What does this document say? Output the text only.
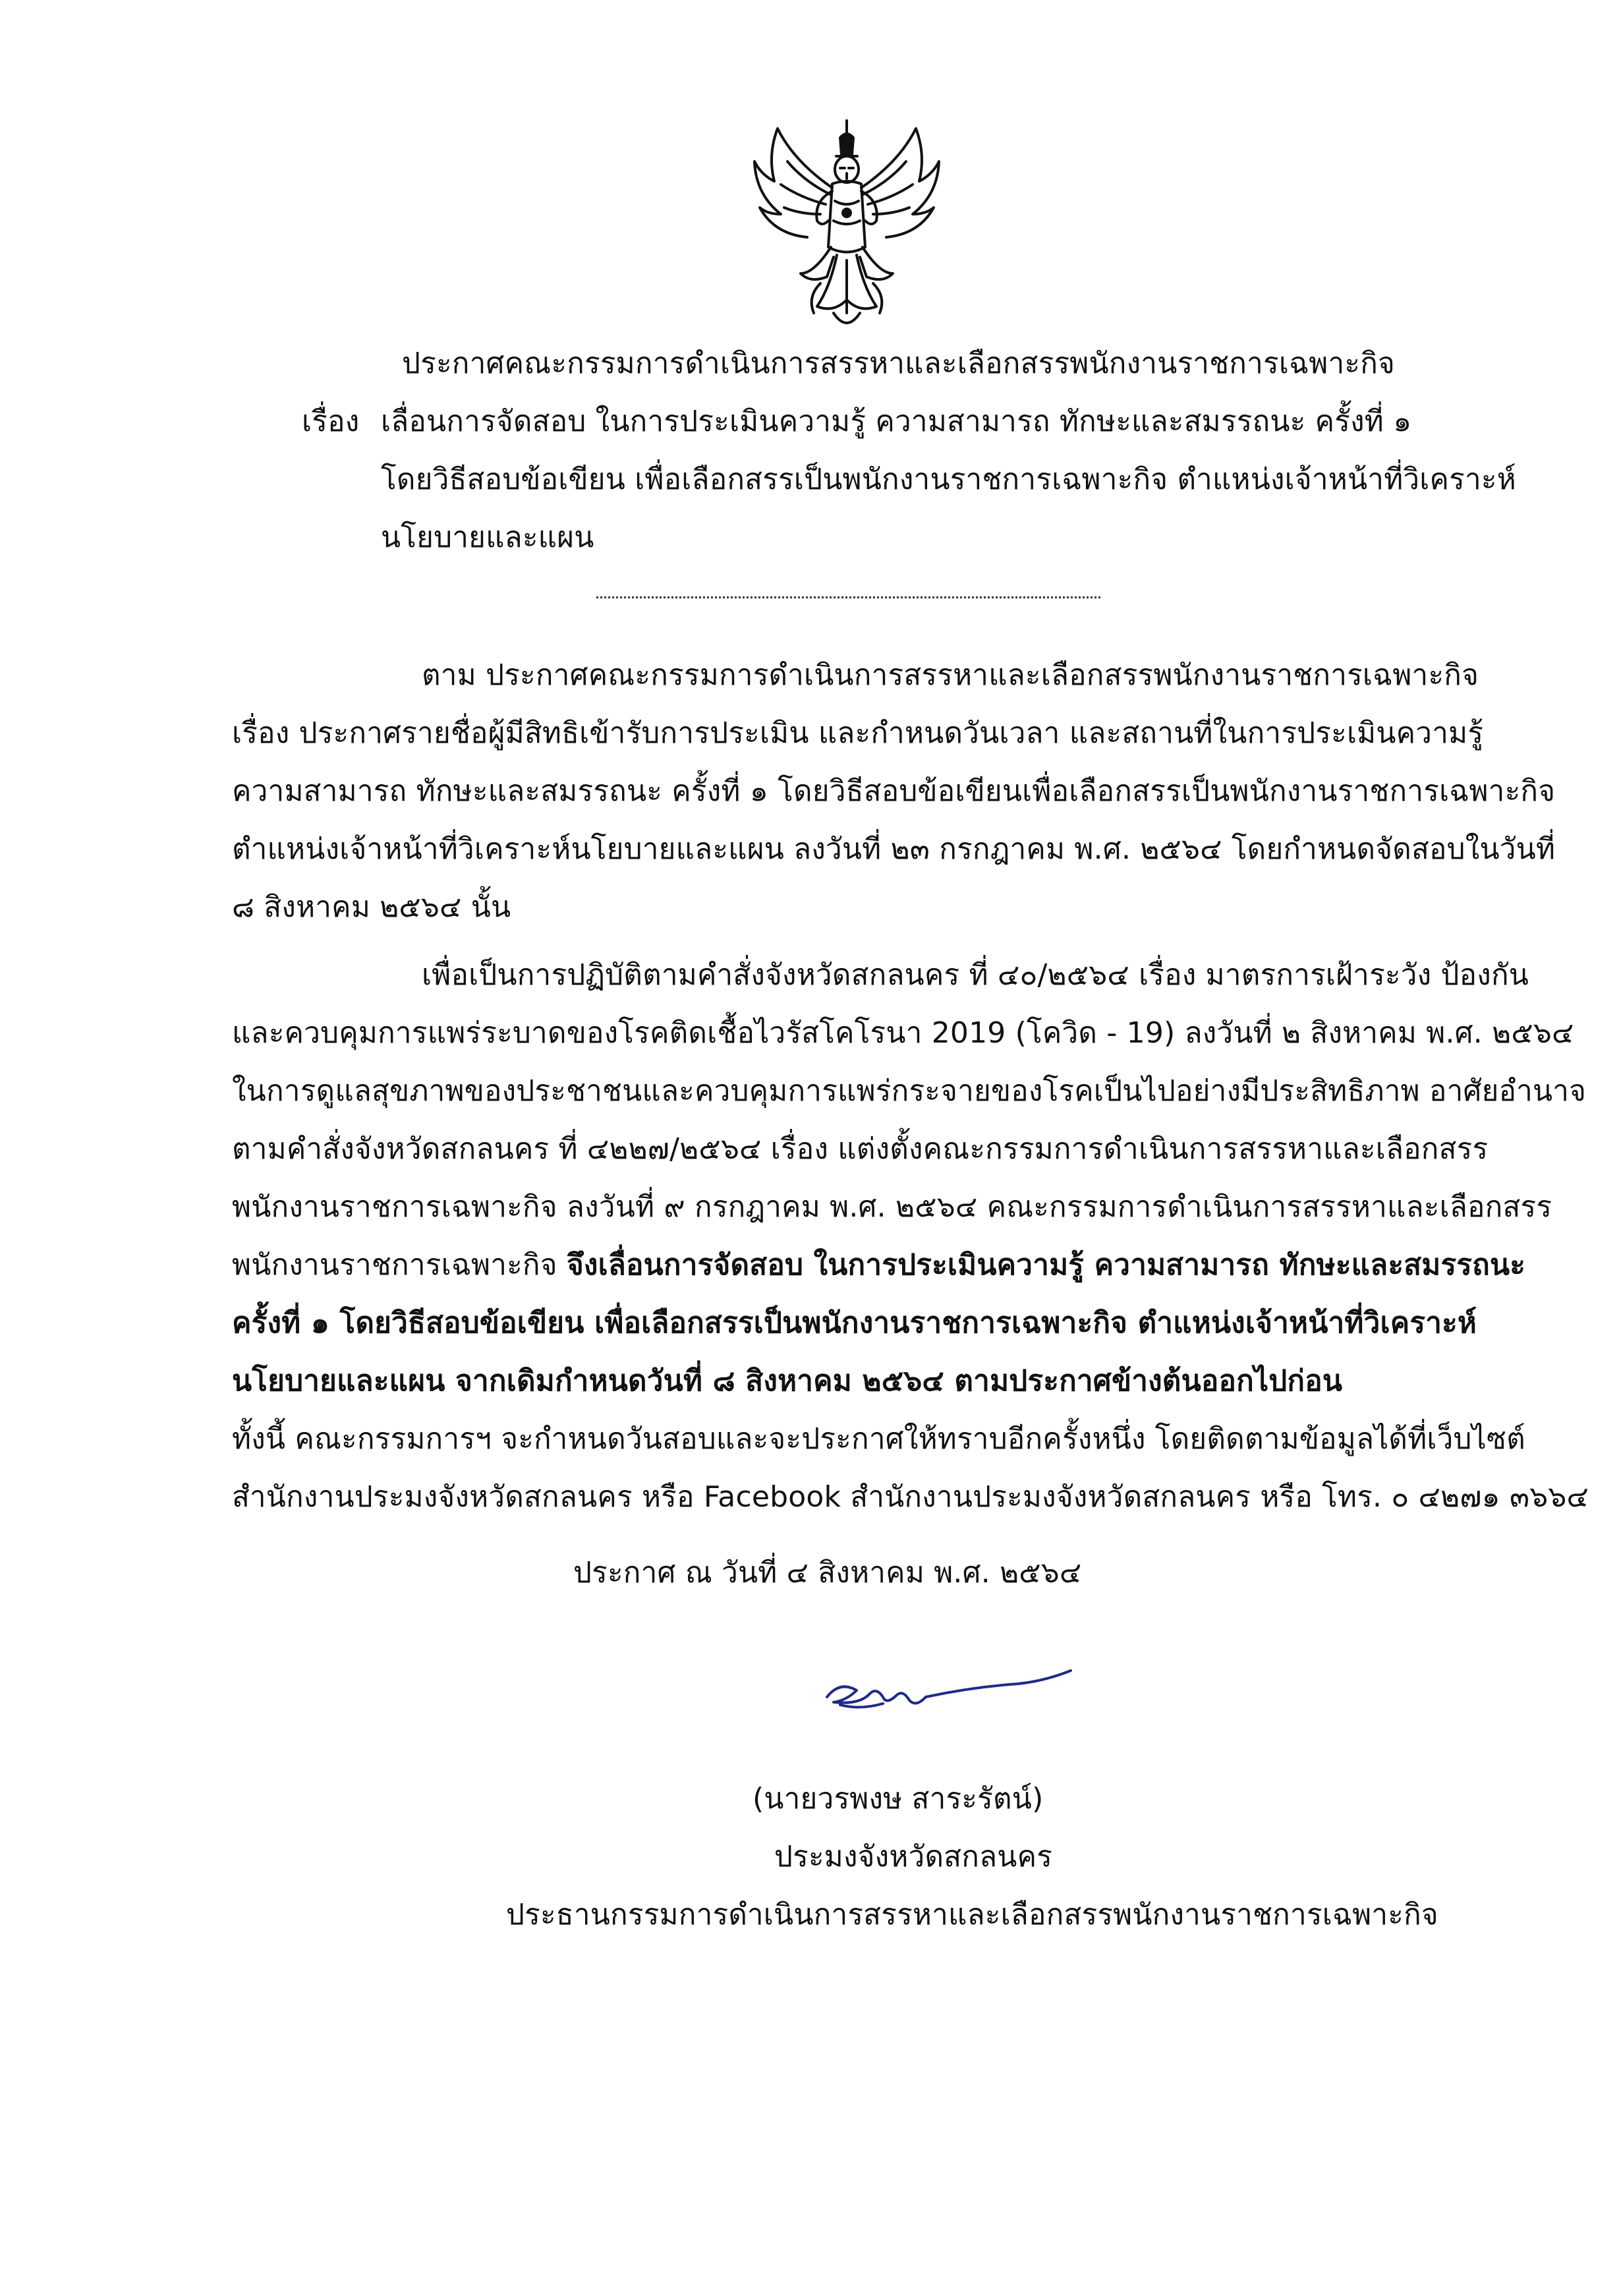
ประกาศคณะกรรมการดำเนินการสรรหาและเลือกสรรพนักงานราชการเฉพาะกิจ
เรื่อง เลื่อนการจัดสอบ ในการประเมินความรู้ ความสามารถ ทักษะและสมรรถนะ ครั้งที่ ๑
โดยวิธีสอบข้อเขียน เพื่อเลือกสรรเป็นพนักงานราชการเฉพาะกิจ ตำแหน่งเจ้าหน้าที่วิเคราะห์
นโยบายและแผน
ตาม ประกาศคณะกรรมการดำเนินการสรรหาและเลือกสรรพนักงานราชการเฉพาะกิจ
เรื่อง ประกาศรายชื่อผู้มีสิทธิเข้ารับการประเมิน และกำหนดวันเวลา และสถานที่ในการประเมินความรู้
ความสามารถ ทักษะและสมรรถนะ ครั้งที่ ๑ โดยวิธีสอบข้อเขียนเพื่อเลือกสรรเป็นพนักงานราชการเฉพาะกิจ
ตำแหน่งเจ้าหน้าที่วิเคราะห์นโยบายและแผน ลงวันที่ ๒๓ กรกฎาคม พ.ศ. ๒๕๖๔ โดยกำหนดจัดสอบในวันที่
๘ สิงหาคม ๒๕๖๔ นั้น
เพื่อเป็นการปฏิบัติตามคำสั่งจังหวัดสกลนคร ที่ ๔๐/๒๕๖๔ เรื่อง มาตรการเฝ้าระวัง ป้องกัน
และควบคุมการแพร่ระบาดของโรคติดเชื้อไวรัสโคโรนา 2019 (โควิด - 19) ลงวันที่ ๒ สิงหาคม พ.ศ. ๒๕๖๔
ในการดูแลสุขภาพของประชาชนและควบคุมการแพร่กระจายของโรคเป็นไปอย่างมีประสิทธิภาพ อาศัยอำนาจ
ตามคำสั่งจังหวัดสกลนคร ที่ ๔๒๒๗/๒๕๖๔ เรื่อง แต่งตั้งคณะกรรมการดำเนินการสรรหาและเลือกสรร
พนักงานราชการเฉพาะกิจ ลงวันที่ ๙ กรกฎาคม พ.ศ. ๒๕๖๔ คณะกรรมการดำเนินการสรรหาและเลือกสรร
พนักงานราชการเฉพาะกิจ จึงเลื่อนการจัดสอบ ในการประเมินความรู้ ความสามารถ ทักษะและสมรรถนะ
ครั้งที่ ๑ โดยวิธีสอบข้อเขียน เพื่อเลือกสรรเป็นพนักงานราชการเฉพาะกิจ ตำแหน่งเจ้าหน้าที่วิเคราะห์
นโยบายและแผน จากเดิมกำหนดวันที่ ๘ สิงหาคม ๒๕๖๔ ตามประกาศข้างต้นออกไปก่อน
ทั้งนี้ คณะกรรมการฯ จะกำหนดวันสอบและจะประกาศให้ทราบอีกครั้งหนึ่ง โดยติดตามข้อมูลได้ที่เว็บไซต์
สำนักงานประมงจังหวัดสกลนคร หรือ Facebook สำนักงานประมงจังหวัดสกลนคร หรือ โทร. ๐ ๔๒๗๑ ๓๖๖๔
ประกาศ ณ วันที่ ๔ สิงหาคม พ.ศ. ๒๕๖๔
(นายวรพงษ สาระรัตน์)
ประมงจังหวัดสกลนคร
ประธานกรรมการดำเนินการสรรหาและเลือกสรรพนักงานราชการเฉพาะกิจ
